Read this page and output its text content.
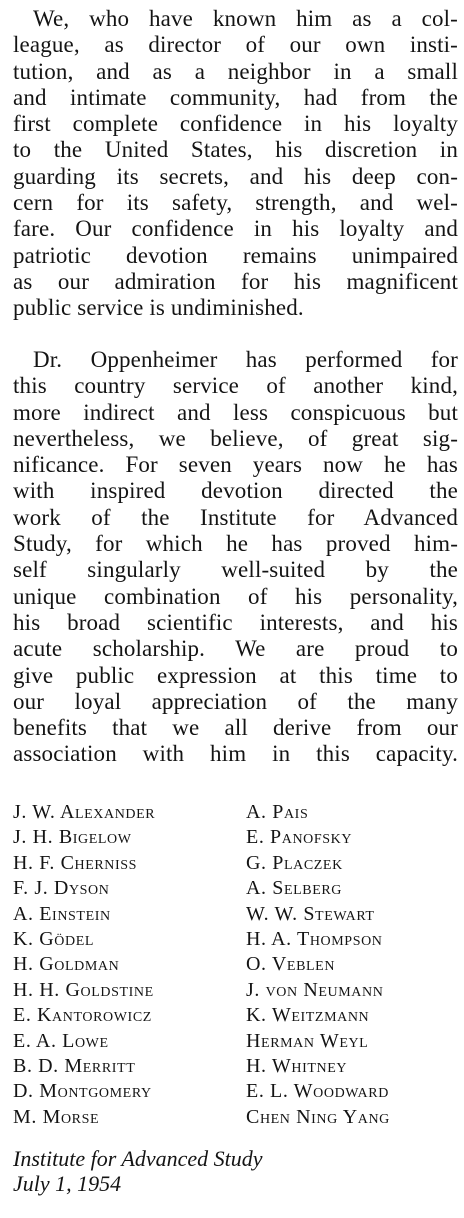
We, who have known him as a col-
league, as director of our own insti-
tution, and as a neighbor in a small
and intimate community, had from the
first complete confidence in his loyalty
to the United States, his discretion in
guarding its secrets, and his deep con-
cern for its safety, strength, and wel-
fare. Our confidence in his loyalty and
patriotic devotion remains unimpaired
as our admiration for his magnificent
public service is undiminished.

Dr. Oppenheimer has performed for
this country service of another kind,
more indirect and less conspicuous but
nevertheless, we believe, of great sig-
nificance. For seven years now he has
with inspired devotion directed the
work of the Institute for Advanced
Study, for which he has proved him-
self singularly well-suited by the
unique combination of his personality,
his broad scientific interests, and his
acute scholarship. We are proud to
give public expression at this time to
our loyal appreciation of the many
benefits that we all derive from our
association with him in this capacity.

J. W. Alexander
J. H. Bigelow
H. F. Cherniss
F. J. Dyson
A. Einstein
K. Gödel
H. Goldman
H. H. Goldstine
E. Kantorowicz
E. A. Lowe
B. D. Merritt
D. Montgomery
M. Morse
A. Pais
E. Panofsky
G. Placzek
A. Selberg
W. W. Stewart
H. A. Thompson
O. Veblen
J. von Neumann
K. Weitzmann
Herman Weyl
H. Whitney
E. L. Woodward
Chen Ning Yang
Institute for Advanced Study
July 1, 1954
